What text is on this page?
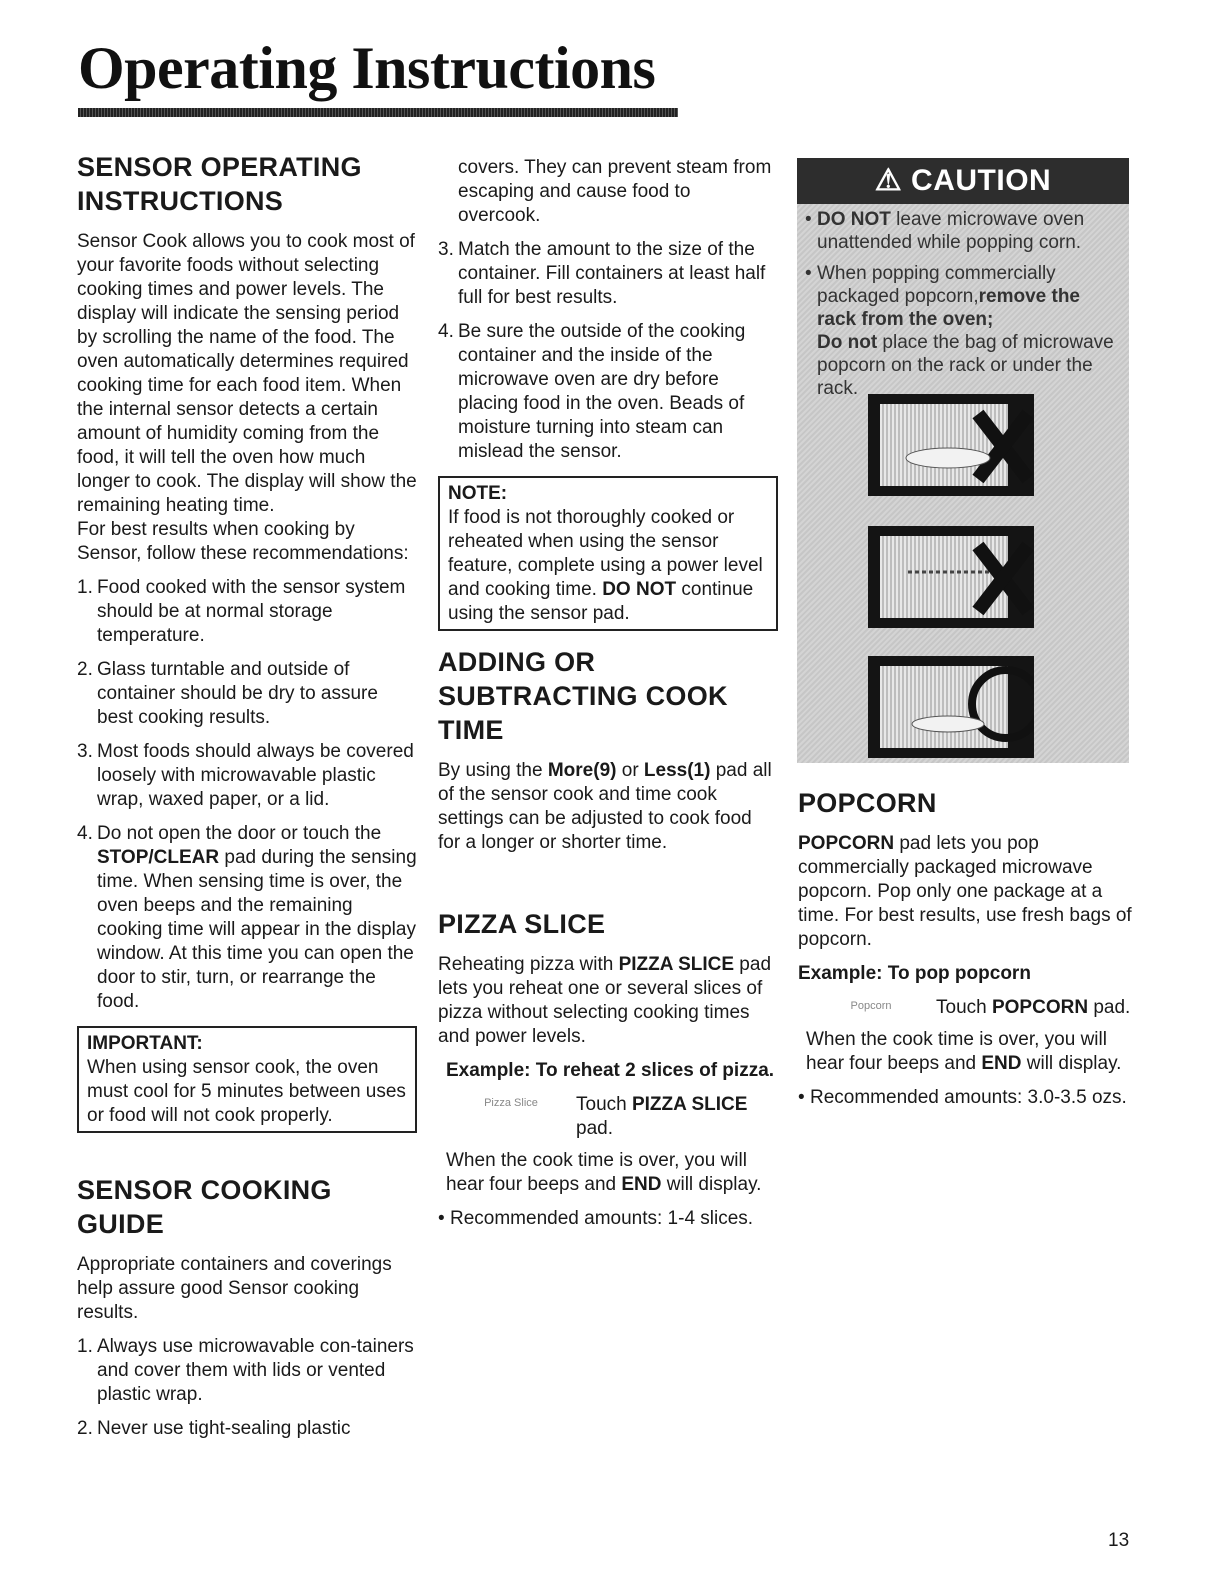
Operating Instructions
SENSOR OPERATING INSTRUCTIONS

Sensor Cook allows you to cook most of your favorite foods without selecting cooking times and power levels. The display will indicate the sensing period by scrolling the name of the food. The oven automatically determines required cooking time for each food item. When the internal sensor detects a certain amount of humidity coming from the food, it will tell the oven how much longer to cook. The display will show the remaining heating time.

For best results when cooking by Sensor, follow these recommendations:

1. Food cooked with the sensor system should be at normal storage temperature.
2. Glass turntable and outside of container should be dry to assure best cooking results.
3. Most foods should always be covered loosely with microwavable plastic wrap, waxed paper, or a lid.
4. Do not open the door or touch the STOP/CLEAR pad during the sensing time. When sensing time is over, the oven beeps and the remaining cooking time will appear in the display window. At this time you can open the door to stir, turn, or rearrange the food.
IMPORTANT:
When using sensor cook, the oven must cool for 5 minutes between uses or food will not cook properly.
SENSOR COOKING GUIDE

Appropriate containers and coverings help assure good Sensor cooking results.

1. Always use microwavable con-tainers and cover them with lids or vented plastic wrap.
2. Never use tight-sealing plastic

covers. They can prevent steam from escaping and cause food to overcook.

3. Match the amount to the size of the container. Fill containers at least half full for best results.
4. Be sure the outside of the cooking container and the inside of the microwave oven are dry before placing food in the oven. Beads of moisture turning into steam can mislead the sensor.
NOTE:
If food is not thoroughly cooked or reheated when using the sensor feature, complete using a power level and cooking time. DO NOT continue using the sensor pad.
ADDING OR SUBTRACTING COOK TIME

By using the More(9) or Less(1) pad all of the sensor cook and time cook settings can be adjusted to cook food for a longer or shorter time.

PIZZA SLICE

Reheating pizza with PIZZA SLICE pad lets you reheat one or several slices of pizza without selecting cooking times and power levels.

Example: To reheat 2 slices of pizza.
Pizza Slice	Touch PIZZA SLICE pad.

When the cook time is over, you will hear four beeps and END will display.

• Recommended amounts: 1-4 slices.
⚠︎ CAUTION
• DO NOT leave microwave oven unattended while popping corn.
• When popping commercially packaged popcorn,remove the rack from the oven;
Do not place the bag of microwave popcorn on the rack or under the rack.
POPCORN

POPCORN pad lets you pop commercially packaged microwave popcorn. Pop only one package at a time. For best results, use fresh bags of popcorn.

Example: To pop popcorn
Popcorn	Touch POPCORN pad.

When the cook time is over, you will hear four beeps and END will display.

• Recommended amounts: 3.0-3.5 ozs.
13
